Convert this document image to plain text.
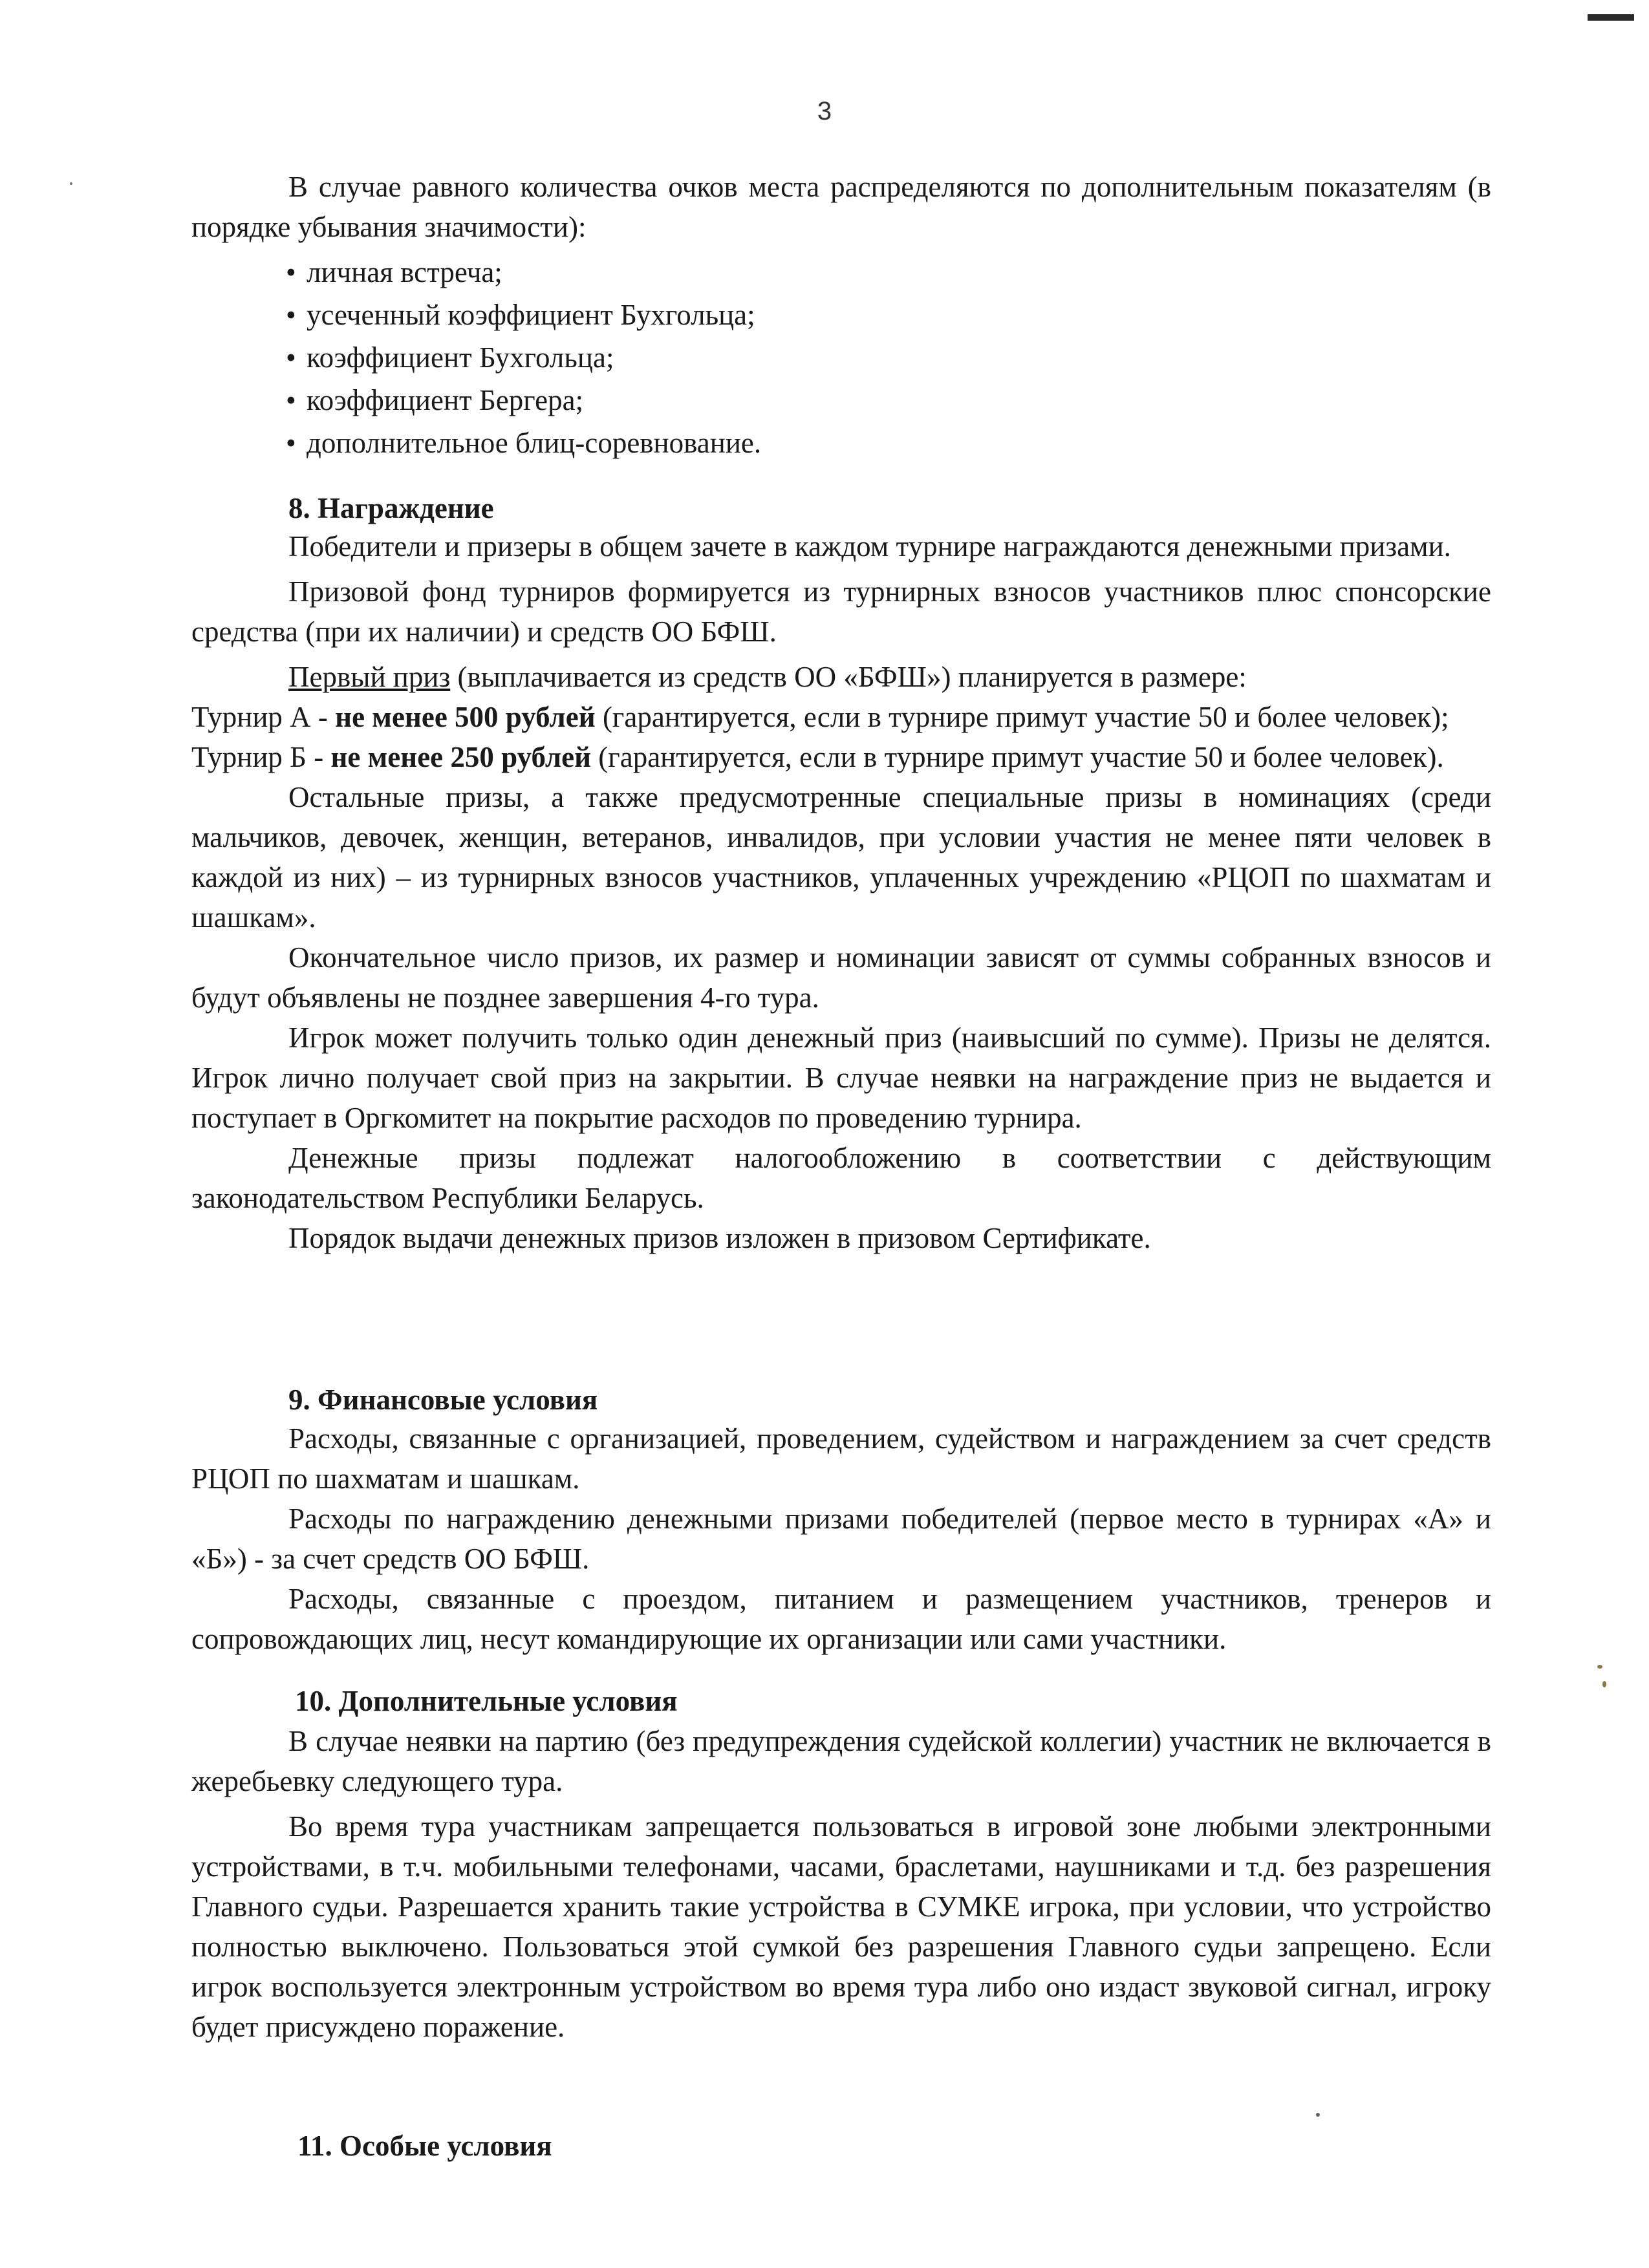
3

В случае равного количества очков места распределяются по дополнительным показателям (в порядке убывания значимости):

• личная встреча;
• усеченный коэффициент Бухгольца;
• коэффициент Бухгольца;
• коэффициент Бергера;
• дополнительное блиц-соревнование.
8. Награждение

Победители и призеры в общем зачете в каждом турнире награждаются денежными призами.

Призовой фонд турниров формируется из турнирных взносов участников плюс спонсорские средства (при их наличии) и средств ОО БФШ.

Первый приз (выплачивается из средств ОО «БФШ») планируется в размере:

Турнир А - не менее 500 рублей (гарантируется, если в турнире примут участие 50 и более человек);

Турнир Б - не менее 250 рублей (гарантируется, если в турнире примут участие 50 и более человек).

Остальные призы, а также предусмотренные специальные призы в номинациях (среди мальчиков, девочек, женщин, ветеранов, инвалидов, при условии участия не менее пяти человек в каждой из них) – из турнирных взносов участников, уплаченных учреждению «РЦОП по шахматам и шашкам».

Окончательное число призов, их размер и номинации зависят от суммы собранных взносов и будут объявлены не позднее завершения 4-го тура.

Игрок может получить только один денежный приз (наивысший по сумме). Призы не делятся. Игрок лично получает свой приз на закрытии. В случае неявки на награждение приз не выдается и поступает в Оргкомитет на покрытие расходов по проведению турнира.

Денежные призы подлежат налогообложению в соответствии с действующим законодательством Республики Беларусь.

Порядок выдачи денежных призов изложен в призовом Сертификате.

9. Финансовые условия

Расходы, связанные с организацией, проведением, судейством и награждением за счет средств РЦОП по шахматам и шашкам.

Расходы по награждению денежными призами победителей (первое место в турнирах «А» и «Б») - за счет средств ОО БФШ.

Расходы, связанные с проездом, питанием и размещением участников, тренеров и сопровождающих лиц, несут командирующие их организации или сами участники.

10. Дополнительные условия

В случае неявки на партию (без предупреждения судейской коллегии) участник не включается в жеребьевку следующего тура.

Во время тура участникам запрещается пользоваться в игровой зоне любыми электронными устройствами, в т.ч. мобильными телефонами, часами, браслетами, наушниками и т.д. без разрешения Главного судьи. Разрешается хранить такие устройства в СУМКЕ игрока, при условии, что устройство полностью выключено. Пользоваться этой сумкой без разрешения Главного судьи запрещено. Если игрок воспользуется электронным устройством во время тура либо оно издаст звуковой сигнал, игроку будет присуждено поражение.

11. Особые условия
